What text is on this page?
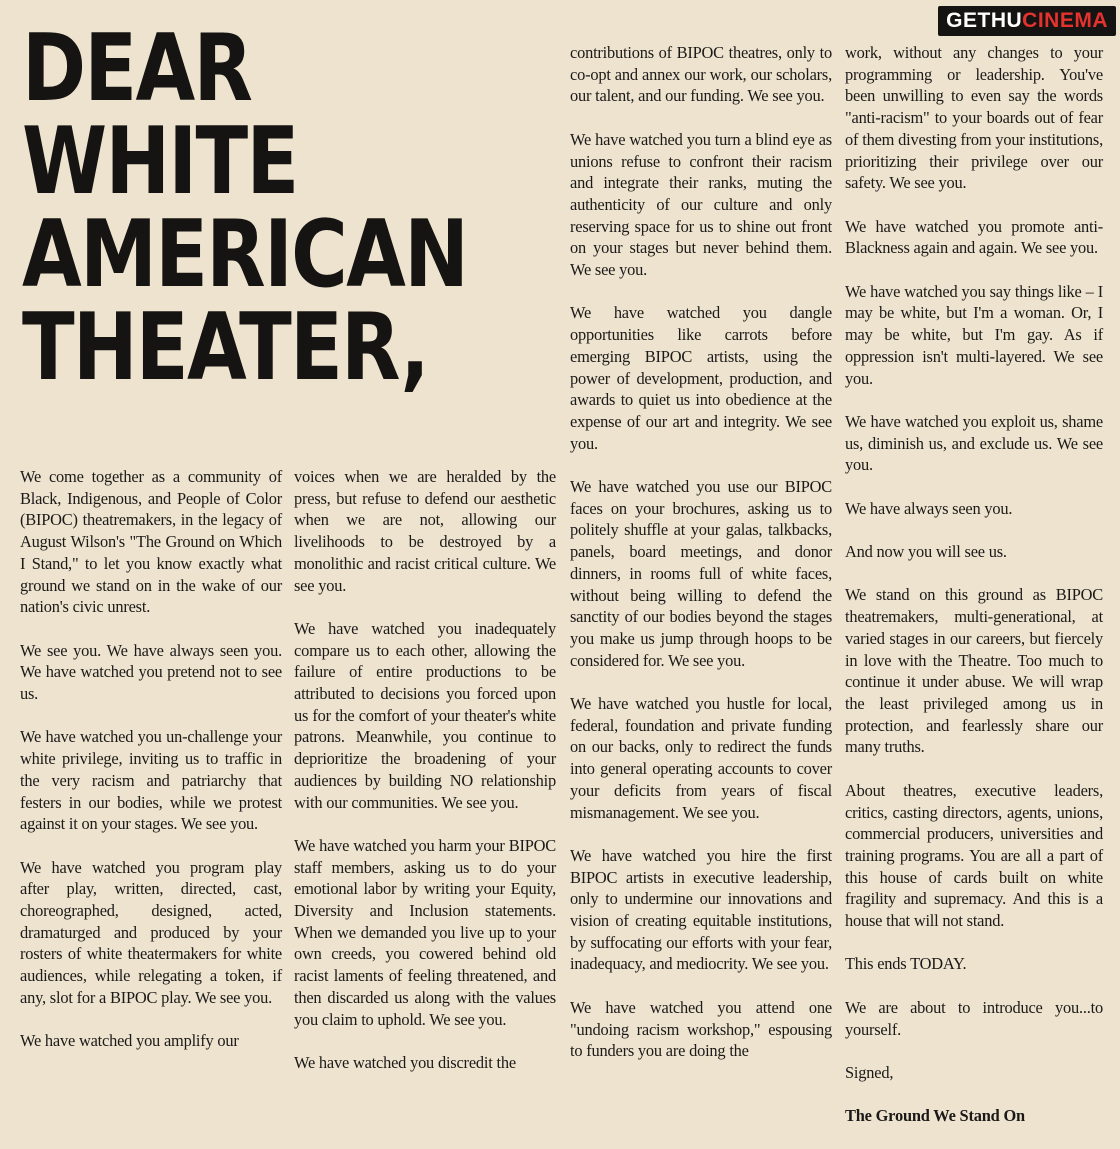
DEAR
WHITE
AMERICAN
THEATER,
GETHUCINEMA

We come together as a community of Black, Indigenous, and People of Color (BIPOC) theatremakers, in the legacy of August Wilson's "The Ground on Which I Stand," to let you know exactly what ground we stand on in the wake of our nation's civic unrest.

We see you. We have always seen you. We have watched you pretend not to see us.

We have watched you un-challenge your white privilege, inviting us to traffic in the very racism and patriarchy that festers in our bodies, while we protest against it on your stages. We see you.

We have watched you program play after play, written, directed, cast, choreographed, designed, acted, dramaturged and produced by your rosters of white theatermakers for white audiences, while relegating a token, if any, slot for a BIPOC play. We see you.

We have watched you amplify our

voices when we are heralded by the press, but refuse to defend our aesthetic when we are not, allowing our livelihoods to be destroyed by a monolithic and racist critical culture. We see you.

We have watched you inadequately compare us to each other, allowing the failure of entire productions to be attributed to decisions you forced upon us for the comfort of your theater's white patrons. Meanwhile, you continue to deprioritize the broadening of your audiences by building NO relationship with our communities. We see you.

We have watched you harm your BIPOC staff members, asking us to do your emotional labor by writing your Equity, Diversity and Inclusion statements. When we demanded you live up to your own creeds, you cowered behind old racist laments of feeling threatened, and then discarded us along with the values you claim to uphold. We see you.

We have watched you discredit the

contributions of BIPOC theatres, only to co-opt and annex our work, our scholars, our talent, and our funding. We see you.

We have watched you turn a blind eye as unions refuse to confront their racism and integrate their ranks, muting the authenticity of our culture and only reserving space for us to shine out front on your stages but never behind them. We see you.

We have watched you dangle opportunities like carrots before emerging BIPOC artists, using the power of development, production, and awards to quiet us into obedience at the expense of our art and integrity. We see you.

We have watched you use our BIPOC faces on your brochures, asking us to politely shuffle at your galas, talkbacks, panels, board meetings, and donor dinners, in rooms full of white faces, without being willing to defend the sanctity of our bodies beyond the stages you make us jump through hoops to be considered for. We see you.

We have watched you hustle for local, federal, foundation and private funding on our backs, only to redirect the funds into general operating accounts to cover your deficits from years of fiscal mismanagement. We see you.

We have watched you hire the first BIPOC artists in executive leadership, only to undermine our innovations and vision of creating equitable institutions, by suffocating our efforts with your fear, inadequacy, and mediocrity. We see you.

We have watched you attend one "undoing racism workshop," espousing to funders you are doing the

work, without any changes to your programming or leadership. You've been unwilling to even say the words "anti-racism" to your boards out of fear of them divesting from your institutions, prioritizing their privilege over our safety. We see you.

We have watched you promote anti-Blackness again and again. We see you.

We have watched you say things like – I may be white, but I'm a woman. Or, I may be white, but I'm gay. As if oppression isn't multi-layered. We see you.

We have watched you exploit us, shame us, diminish us, and exclude us. We see you.

We have always seen you.

And now you will see us.

We stand on this ground as BIPOC theatremakers, multi-generational, at varied stages in our careers, but fiercely in love with the Theatre. Too much to continue it under abuse. We will wrap the least privileged among us in protection, and fearlessly share our many truths.

About theatres, executive leaders, critics, casting directors, agents, unions, commercial producers, universities and training programs. You are all a part of this house of cards built on white fragility and supremacy. And this is a house that will not stand.

This ends TODAY.

We are about to introduce you...to yourself.

Signed,

The Ground We Stand On
